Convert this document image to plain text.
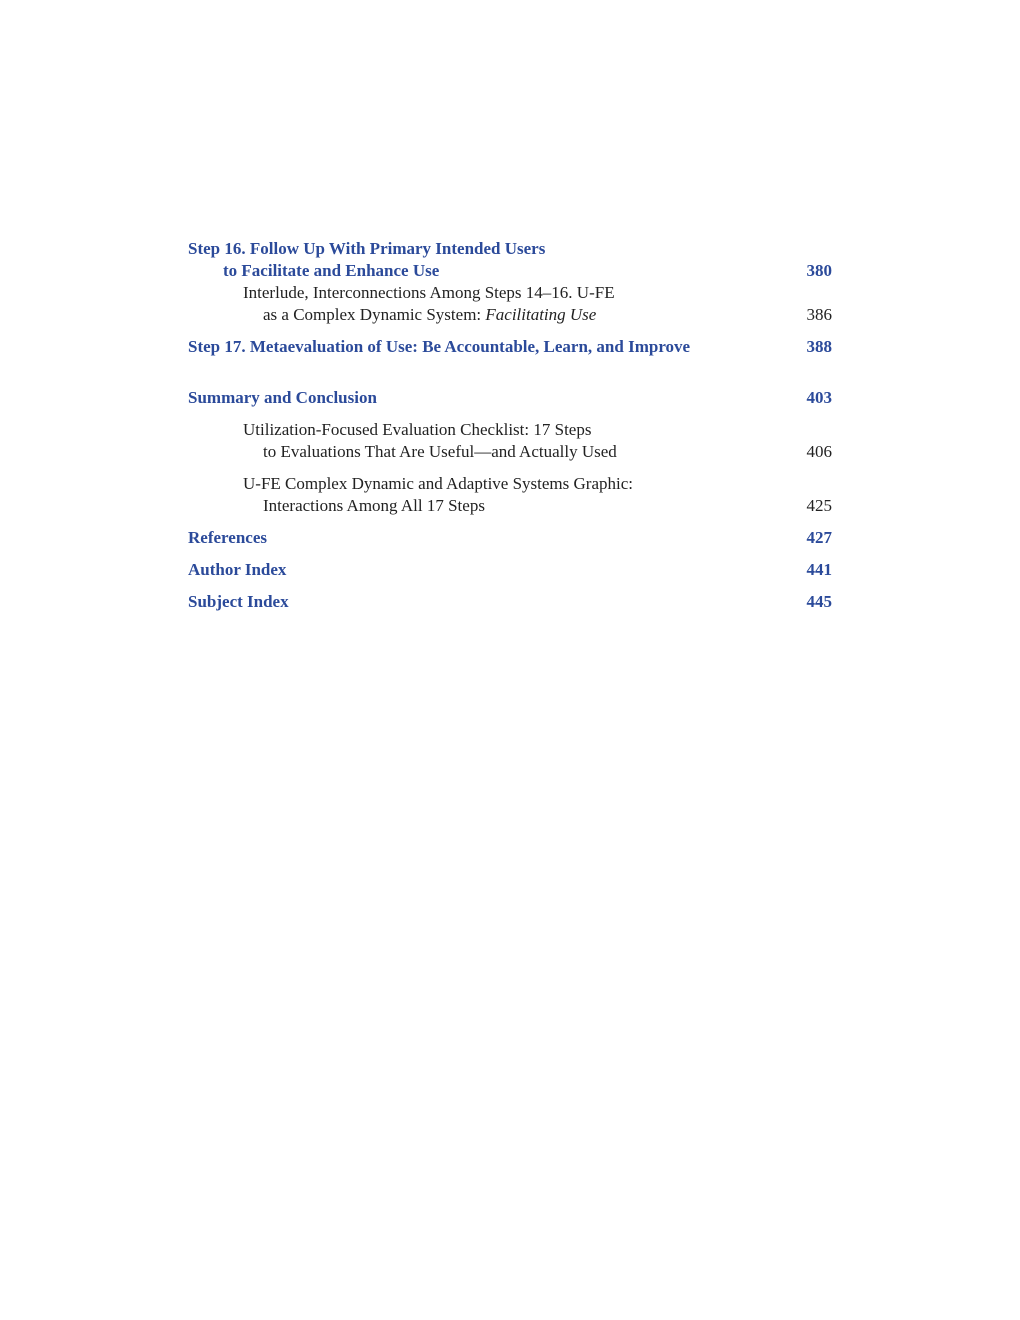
Step 16. Follow Up With Primary Intended Users
to Facilitate and Enhance Use	380
Interlude, Interconnections Among Steps 14–16. U-FE
as a Complex Dynamic System: Facilitating Use	386
Step 17. Metaevaluation of Use: Be Accountable, Learn, and Improve	388
Summary and Conclusion	403
Utilization-Focused Evaluation Checklist: 17 Steps
to Evaluations That Are Useful—and Actually Used	406
U-FE Complex Dynamic and Adaptive Systems Graphic:
Interactions Among All 17 Steps	425
References	427
Author Index	441
Subject Index	445
